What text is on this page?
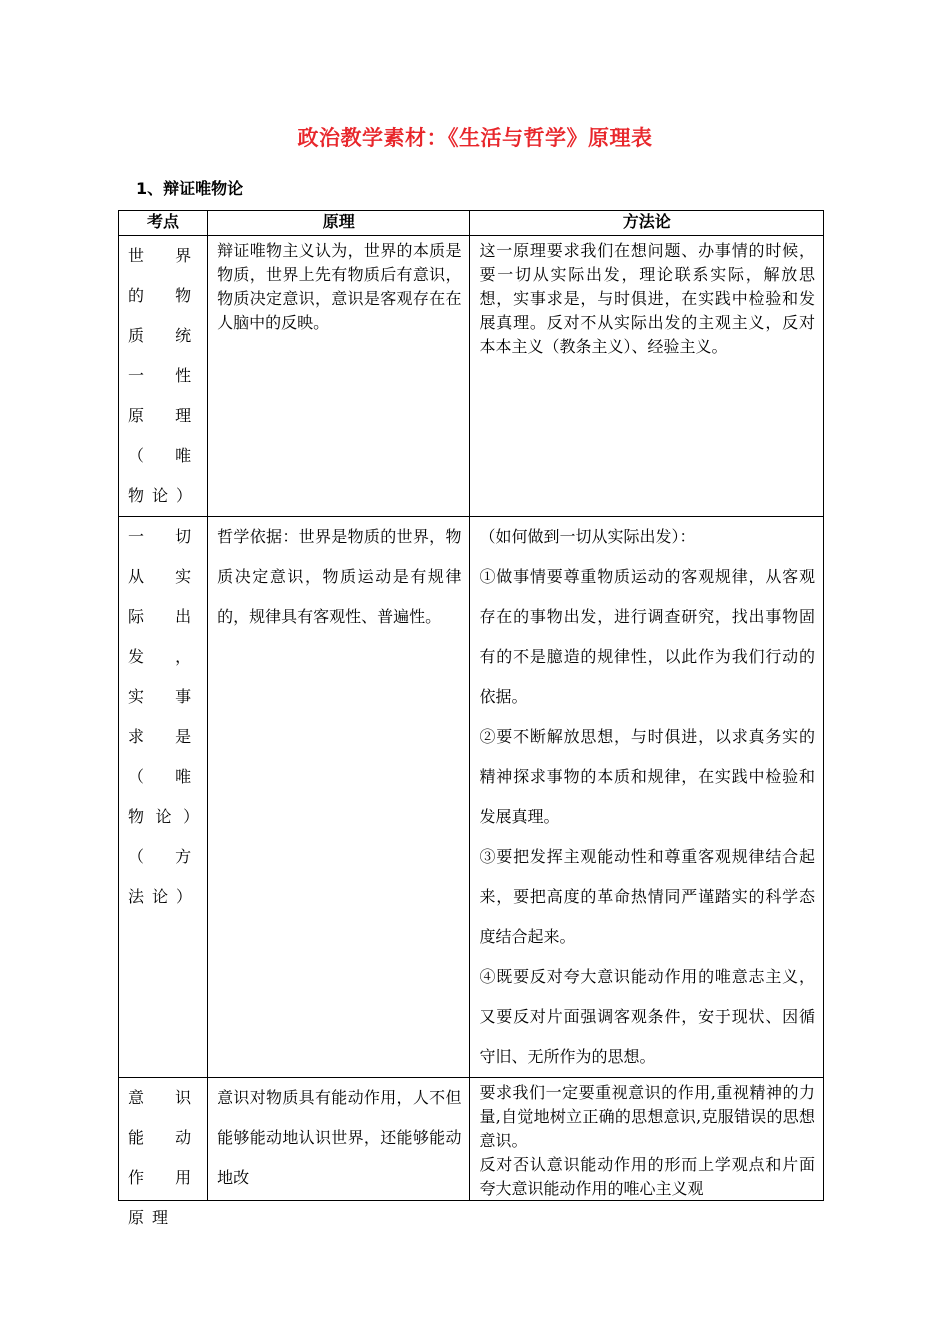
政治教学素材：《生活与哲学》原理表
1、辩证唯物论
考点	原理	方法论

世界的物质统一性原理（唯物论）	辩证唯物主义认为，世界的本质是物质，世界上先有物质后有意识，物质决定意识，意识是客观存在在人脑中的反映。	这一原理要求我们在想问题、办事情的时候，要一切从实际出发，理论联系实际，解放思想，实事求是，与时俱进，在实践中检验和发展真理。反对不从实际出发的主观主义，反对本本主义（教条主义）、经验主义。

一切从实际出发，实事求是（唯物论）（方法论）	哲学依据：世界是物质的世界，物质决定意识，物质运动是有规律的，规律具有客观性、普遍性。	（如何做到一切从实际出发）：

①做事情要尊重物质运动的客观规律，从客观存在的事物出发，进行调查研究，找出事物固有的不是臆造的规律性，以此作为我们行动的依据。

②要不断解放思想，与时俱进，以求真务实的精神探求事物的本质和规律，在实践中检验和发展真理。

③要把发挥主观能动性和尊重客观规律结合起来，要把高度的革命热情同严谨踏实的科学态度结合起来。

④既要反对夸大意识能动作用的唯意志主义，又要反对片面强调客观条件，安于现状、因循守旧、无所作为的思想。

意识能动作用原理	意识对物质具有能动作用，人不但能够能动地认识世界，还能够能动地改	要求我们一定要重视意识的作用,重视精神的力量,自觉地树立正确的思想意识,克服错误的思想意识。

反对否认意识能动作用的形而上学观点和片面夸大意识能动作用的唯心主义观
